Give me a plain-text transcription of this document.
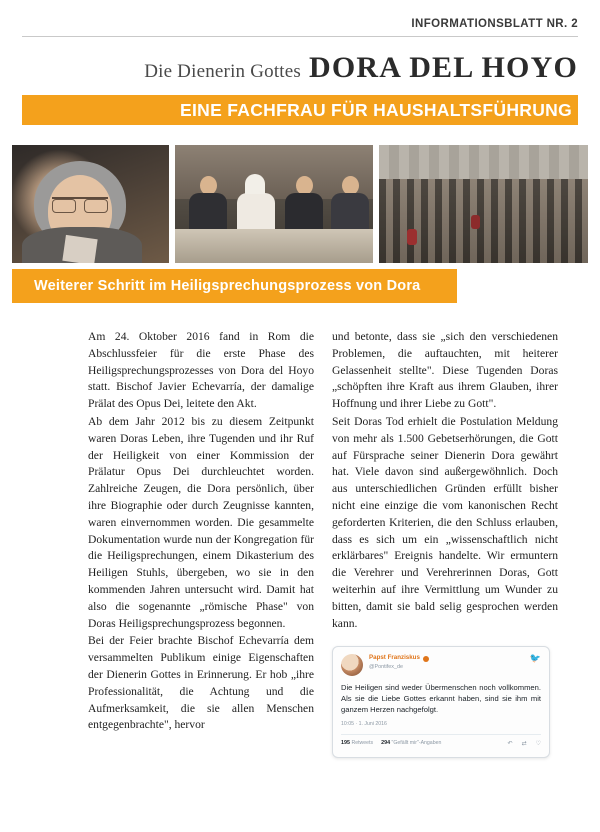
INFORMATIONSBLATT NR. 2
Die Dienerin Gottes DORA DEL HOYO
EINE FACHFRAU FÜR HAUSHALTSFÜHRUNG
Weiterer Schritt im Heiligsprechungsprozess von Dora

Am 24. Oktober 2016 fand in Rom die Abschlussfeier für die erste Phase des Heiligsprechungsprozesses von Dora del Hoyo statt. Bischof Javier Echevarría, der damalige Prälat des Opus Dei, leitete den Akt.

Ab dem Jahr 2012 bis zu diesem Zeitpunkt waren Doras Leben, ihre Tugenden und ihr Ruf der Heiligkeit von einer Kommission der Prälatur Opus Dei durchleuchtet worden. Zahlreiche Zeugen, die Dora persönlich, über ihre Biographie oder durch Zeugnisse kannten, waren einvernommen worden. Die gesammelte Dokumentation wurde nun der Kongregation für die Heiligsprechungen, einem Dikasterium des Heiligen Stuhls, übergeben, wo sie in den kommenden Jahren untersucht wird. Damit hat also die sogenannte „römische Phase" von Doras Heiligsprechungsprozess begonnen.

Bei der Feier brachte Bischof Echevarría dem versammelten Publikum einige Eigenschaften der Dienerin Gottes in Erinnerung. Er hob „ihre Professionalität, die Achtung und die Aufmerksamkeit, die sie allen Menschen entgegenbrachte", hervor

und betonte, dass sie „sich den verschiedenen Problemen, die auftauchten, mit heiterer Gelassenheit stellte". Diese Tugenden Doras „schöpften ihre Kraft aus ihrem Glauben, ihrer Hoffnung und ihrer Liebe zu Gott".

Seit Doras Tod erhielt die Postulation Meldung von mehr als 1.500 Gebetserhörungen, die Gott auf Fürsprache seiner Dienerin Dora gewährt hat. Viele davon sind außergewöhnlich. Doch aus unterschiedlichen Gründen erfüllt bisher nicht eine einzige die vom kanonischen Recht geforderten Kriterien, die den Schluss erlauben, dass es sich um ein „wissenschaftlich nicht erklärbares" Ereignis handelte. Wir ermuntern die Verehrer und Verehrerinnen Doras, Gott weiterhin auf ihre Vermittlung um Wunder zu bitten, damit sie bald selig gesprochen werden kann.

Papst Franziskus
@Pontifex_de
🐦
Die Heiligen sind weder Übermenschen noch vollkommen. Als sie die Liebe Gottes erkannt haben, sind sie ihm mit ganzem Herzen nachgefolgt.
10:05 · 1. Juni 2016
195 Retweets 294 "Gefällt mir"-Angaben	↶ ⇄ ♡
